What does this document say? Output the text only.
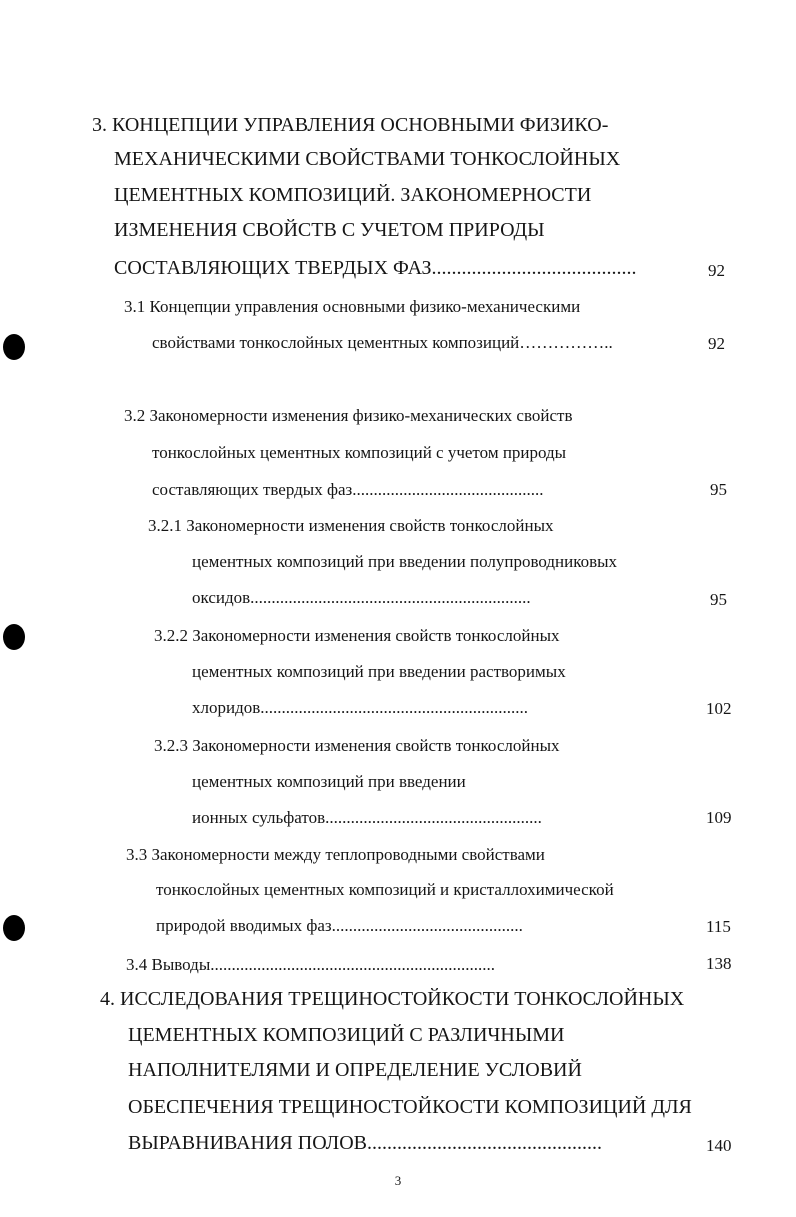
3. КОНЦЕПЦИИ УПРАВЛЕНИЯ ОСНОВНЫМИ ФИЗИКО-
МЕХАНИЧЕСКИМИ СВОЙСТВАМИ ТОНКОСЛОЙНЫХ
ЦЕМЕНТНЫХ КОМПОЗИЦИЙ. ЗАКОНОМЕРНОСТИ
ИЗМЕНЕНИЯ СВОЙСТВ С УЧЕТОМ ПРИРОДЫ
СОСТАВЛЯЮЩИХ ТВЕРДЫХ ФАЗ.........................................	92
3.1 Концепции управления основными физико-механическими
свойствами тонкослойных цементных композиций……………..	92
3.2 Закономерности изменения физико-механических свойств
тонкослойных цементных композиций с учетом природы
составляющих твердых фаз.............................................	95
3.2.1 Закономерности изменения свойств тонкослойных
цементных композиций при введении полупроводниковых
оксидов..................................................................	95
3.2.2 Закономерности изменения свойств тонкослойных
цементных композиций при введении растворимых
хлоридов...............................................................	102
3.2.3 Закономерности изменения свойств тонкослойных
цементных композиций при введении
ионных сульфатов...................................................	109
3.3 Закономерности между теплопроводными свойствами
тонкослойных цементных композиций и кристаллохимической
природой вводимых фаз.............................................	115
3.4 Выводы...................................................................	138
4. ИССЛЕДОВАНИЯ ТРЕЩИНОСТОЙКОСТИ ТОНКОСЛОЙНЫХ
ЦЕМЕНТНЫХ КОМПОЗИЦИЙ С РАЗЛИЧНЫМИ
НАПОЛНИТЕЛЯМИ И ОПРЕДЕЛЕНИЕ УСЛОВИЙ
ОБЕСПЕЧЕНИЯ ТРЕЩИНОСТОЙКОСТИ КОМПОЗИЦИЙ ДЛЯ
ВЫРАВНИВАНИЯ ПОЛОВ...............................................	140
3
